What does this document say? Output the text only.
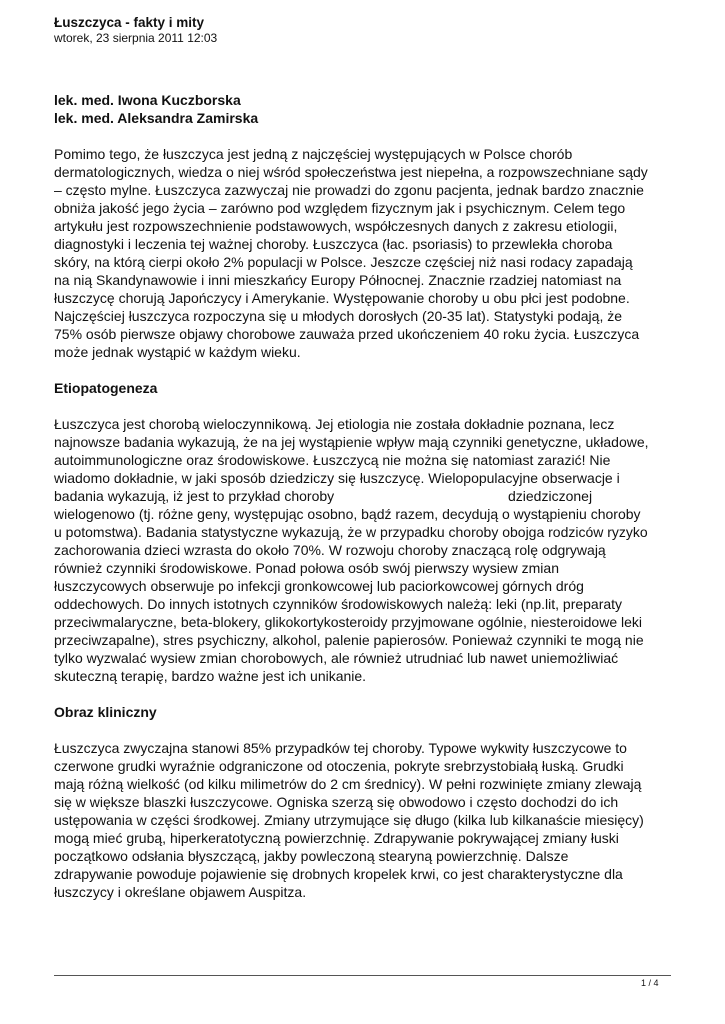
Łuszczyca - fakty i mity
wtorek, 23 sierpnia 2011 12:03
lek. med. Iwona Kuczborska
lek. med. Aleksandra Zamirska
Pomimo tego, że łuszczyca jest jedną z najczęściej występujących w Polsce chorób
dermatologicznych, wiedza o niej wśród społeczeństwa jest niepełna, a rozpowszechniane sądy
– często mylne. Łuszczyca zazwyczaj nie prowadzi do zgonu pacjenta, jednak bardzo znacznie
obniża jakość jego życia – zarówno pod względem fizycznym jak i psychicznym. Celem tego
artykułu jest rozpowszechnienie podstawowych, współczesnych danych z zakresu etiologii,
diagnostyki i leczenia tej ważnej choroby. Łuszczyca (łac. psoriasis) to przewlekła choroba
skóry, na którą cierpi około 2% populacji w Polsce. Jeszcze częściej niż nasi rodacy zapadają
na nią Skandynawowie i inni mieszkańcy Europy Północnej. Znacznie rzadziej natomiast na
łuszczycę chorują Japończycy i Amerykanie. Występowanie choroby u obu płci jest podobne.
Najczęściej łuszczyca rozpoczyna się u młodych dorosłych (20-35 lat). Statystyki podają, że
75% osób pierwsze objawy chorobowe zauważa przed ukończeniem 40 roku życia. Łuszczyca
może jednak wystąpić w każdym wieku.
Etiopatogeneza
Łuszczyca jest chorobą wieloczynnikową. Jej etiologia nie została dokładnie poznana, lecz
najnowsze badania wykazują, że na jej wystąpienie wpływ mają czynniki genetyczne, układowe,
autoimmunologiczne oraz środowiskowe. Łuszczycą nie można się natomiast zarazić! Nie
wiadomo dokładnie, w jaki sposób dziedziczy się łuszczycę. Wielopopulacyjne obserwacje i
badania wykazują, iż jest to przykład choroby	dziedziczonej
wielogenowo (tj. różne geny, występując osobno, bądź razem, decydują o wystąpieniu choroby
u potomstwa). Badania statystyczne wykazują, że w przypadku choroby obojga rodziców ryzyko
zachorowania dzieci wzrasta do około 70%. W rozwoju choroby znaczącą rolę odgrywają
również czynniki środowiskowe. Ponad połowa osób swój pierwszy wysiew zmian
łuszczycowych obserwuje po infekcji gronkowcowej lub paciorkowcowej górnych dróg
oddechowych. Do innych istotnych czynników środowiskowych należą: leki (np.lit, preparaty
przeciwmalaryczne, beta-blokery, glikokortykosteroidy przyjmowane ogólnie, niesteroidowe leki
przeciwzapalne), stres psychiczny, alkohol, palenie papierosów. Ponieważ czynniki te mogą nie
tylko wyzwalać wysiew zmian chorobowych, ale również utrudniać lub nawet uniemożliwiać
skuteczną terapię, bardzo ważne jest ich unikanie.
Obraz kliniczny
Łuszczyca zwyczajna stanowi 85% przypadków tej choroby. Typowe wykwity łuszczycowe to
czerwone grudki wyraźnie odgraniczone od otoczenia, pokryte srebrzystobiałą łuską. Grudki
mają różną wielkość (od kilku milimetrów do 2 cm średnicy). W pełni rozwinięte zmiany zlewają
się w większe blaszki łuszczycowe. Ogniska szerzą się obwodowo i często dochodzi do ich
ustępowania w części środkowej. Zmiany utrzymujące się długo (kilka lub kilkanaście miesięcy)
mogą mieć grubą, hiperkeratotyczną powierzchnię. Zdrapywanie pokrywającej zmiany łuski
początkowo odsłania błyszczącą, jakby powleczoną stearyną powierzchnię. Dalsze
zdrapywanie powoduje pojawienie się drobnych kropelek krwi, co jest charakterystyczne dla
łuszczycy i określane objawem Auspitza.
1 / 4
